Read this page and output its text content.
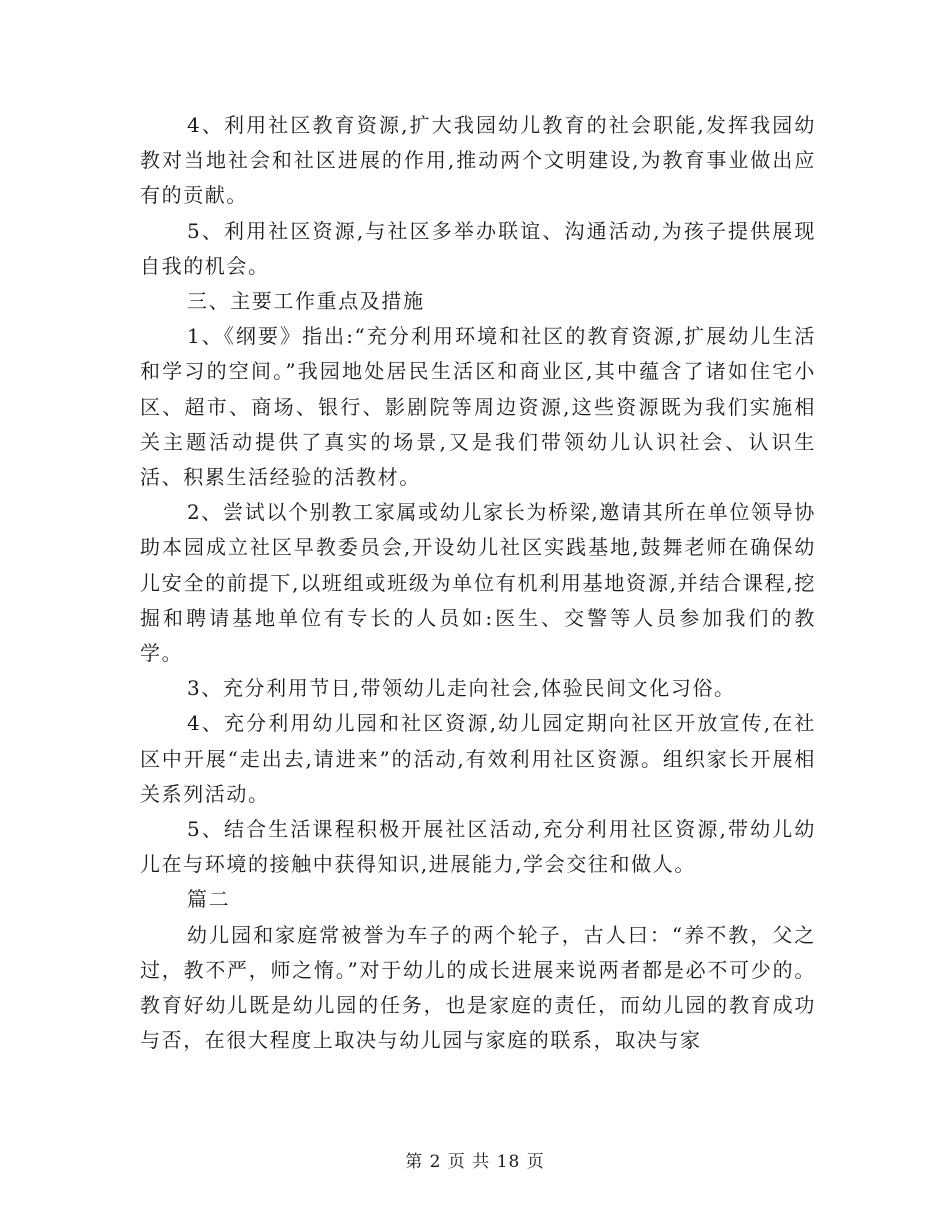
4、利用社区教育资源,扩大我园幼儿教育的社会职能,发挥我园幼教对当地社会和社区进展的作用,推动两个文明建设,为教育事业做出应有的贡献。

5、利用社区资源,与社区多举办联谊、沟通活动,为孩子提供展现自我的机会。

三、主要工作重点及措施

1、《纲要》指出:“充分利用环境和社区的教育资源,扩展幼儿生活和学习的空间。”我园地处居民生活区和商业区,其中蕴含了诸如住宅小区、超市、商场、银行、影剧院等周边资源,这些资源既为我们实施相关主题活动提供了真实的场景,又是我们带领幼儿认识社会、认识生活、积累生活经验的活教材。

2、尝试以个别教工家属或幼儿家长为桥梁,邀请其所在单位领导协助本园成立社区早教委员会,开设幼儿社区实践基地,鼓舞老师在确保幼儿安全的前提下,以班组或班级为单位有机利用基地资源,并结合课程,挖掘和聘请基地单位有专长的人员如:医生、交警等人员参加我们的教学。

3、充分利用节日,带领幼儿走向社会,体验民间文化习俗。

4、充分利用幼儿园和社区资源,幼儿园定期向社区开放宣传,在社区中开展“走出去,请进来”的活动,有效利用社区资源。组织家长开展相关系列活动。

5、结合生活课程积极开展社区活动,充分利用社区资源,带幼儿幼儿在与环境的接触中获得知识,进展能力,学会交往和做人。

篇二

幼儿园和家庭常被誉为车子的两个轮子，古人曰：“养不教，父之过，教不严，师之惰。”对于幼儿的成长进展来说两者都是必不可少的。教育好幼儿既是幼儿园的任务，也是家庭的责任，而幼儿园的教育成功与否，在很大程度上取决与幼儿园与家庭的联系，取决与家

第 2 页 共 18 页
